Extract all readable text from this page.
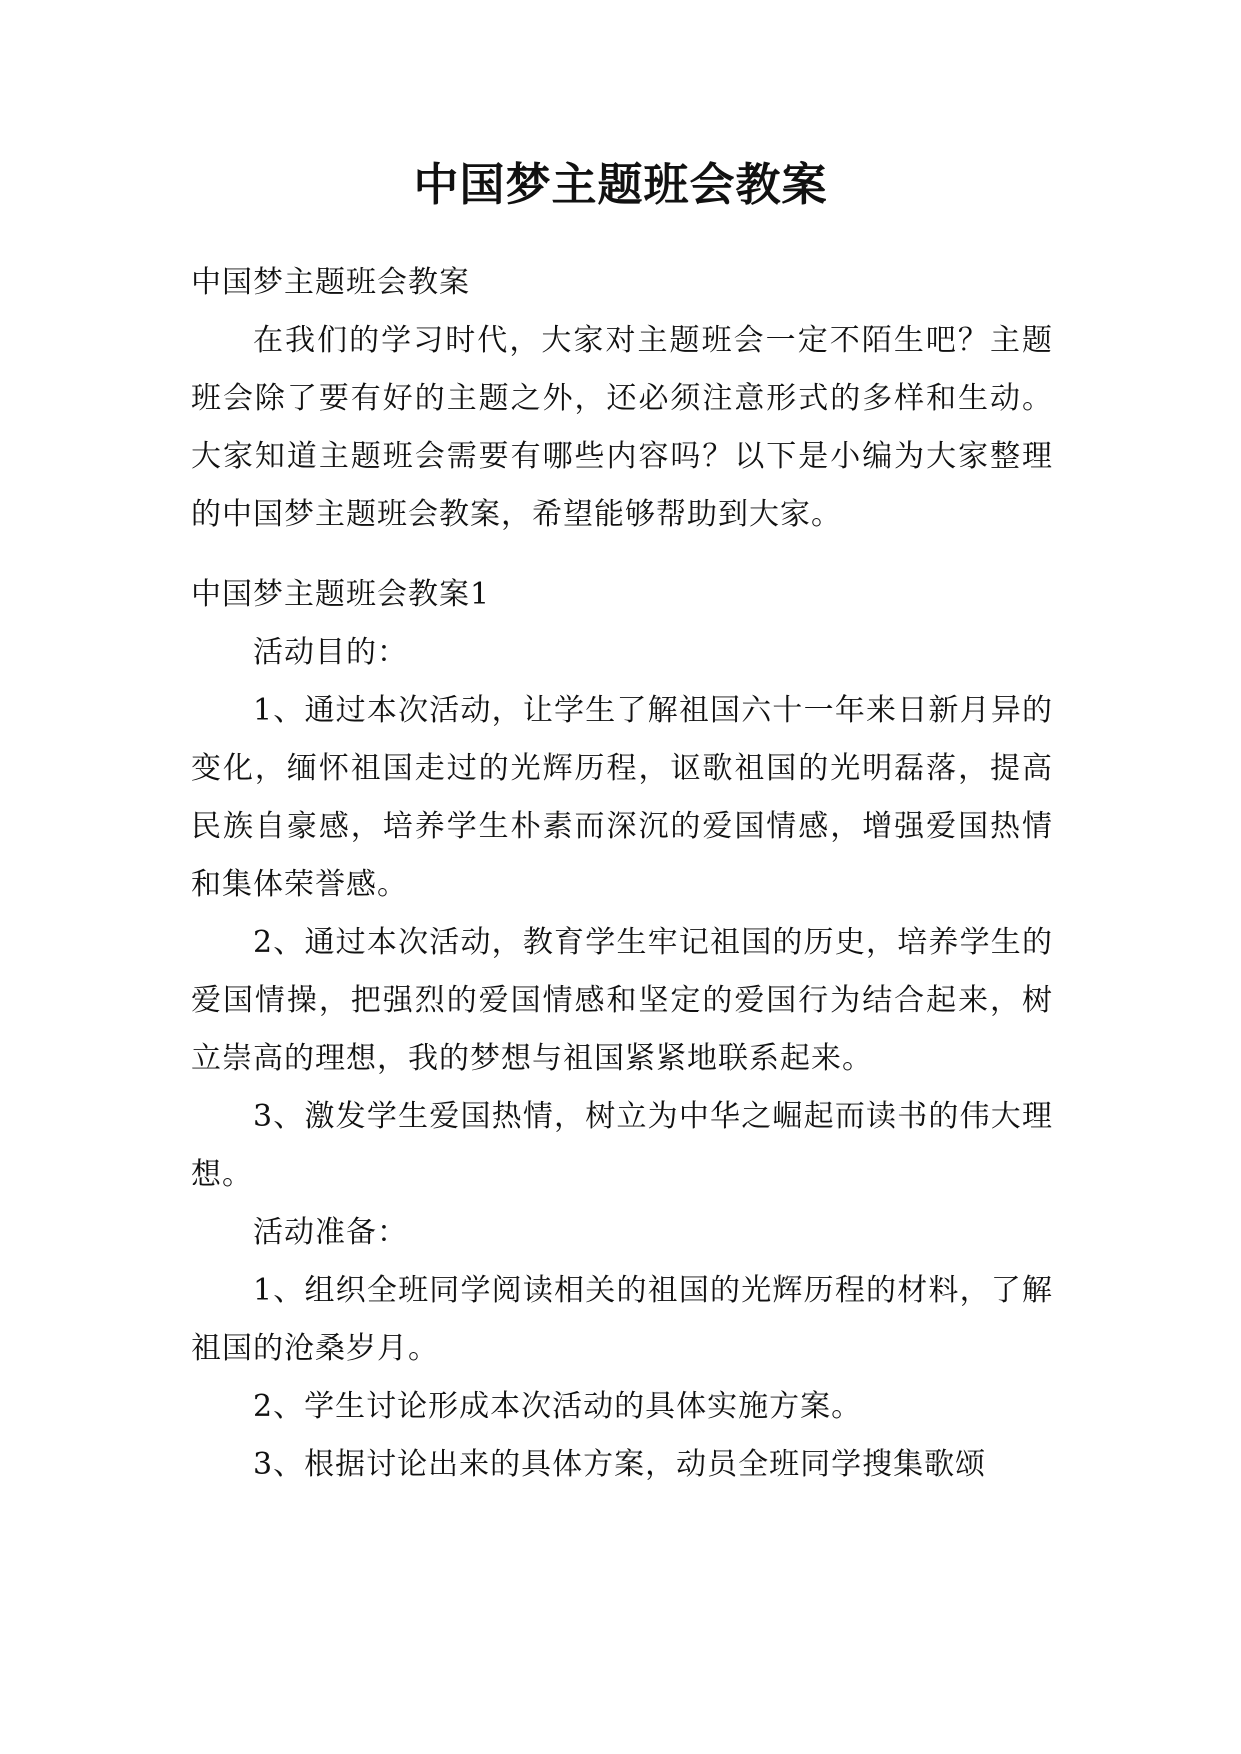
中国梦主题班会教案

中国梦主题班会教案

在我们的学习时代，大家对主题班会一定不陌生吧？主题班会除了要有好的主题之外，还必须注意形式的多样和生动。大家知道主题班会需要有哪些内容吗？以下是小编为大家整理的中国梦主题班会教案，希望能够帮助到大家。

中国梦主题班会教案1

活动目的：

1、通过本次活动，让学生了解祖国六十一年来日新月异的变化，缅怀祖国走过的光辉历程，讴歌祖国的光明磊落，提高民族自豪感，培养学生朴素而深沉的爱国情感，增强爱国热情和集体荣誉感。

2、通过本次活动，教育学生牢记祖国的历史，培养学生的爱国情操，把强烈的爱国情感和坚定的爱国行为结合起来，树立崇高的理想，我的梦想与祖国紧紧地联系起来。

3、激发学生爱国热情，树立为中华之崛起而读书的伟大理想。

活动准备：

1、组织全班同学阅读相关的祖国的光辉历程的材料，了解祖国的沧桑岁月。

2、学生讨论形成本次活动的具体实施方案。

3、根据讨论出来的具体方案，动员全班同学搜集歌颂
